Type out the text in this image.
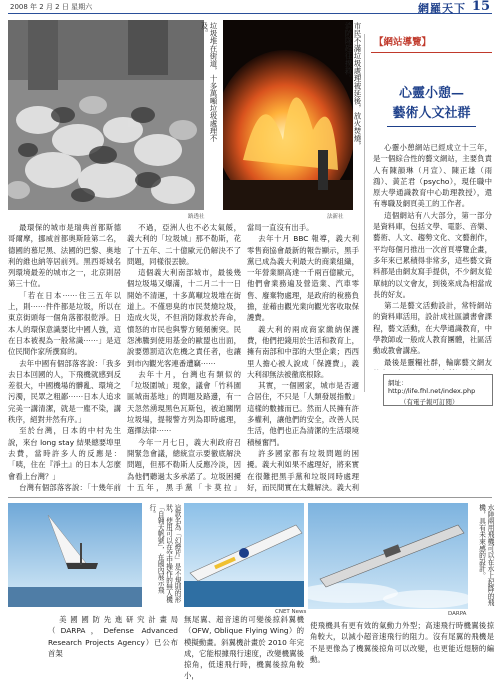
2008 年 2 月 2 日 星期六	網羅天下 15
垃圾堆在街道，十多萬噸垃圾處理不及。
路透社
市民不滿垃圾處理被延後，放火焚燒，消防隊趕往撲救。
法新社

最環保的城市是瑞典首都斯德哥爾摩，挪威首都奧斯陸第二名，德國的慕尼黑、法國的巴黎、奧地利的維也納等居前列。黑西哥城名列環境最差的城市之一，北京則居第三十位。

「若在日本⋯⋯住三五年以上，則⋯⋯件件都是垃圾，所以在東京街頭每一個角落都很乾淨。日本人的環保意識要比中國人強，這在日本被視為一般常識⋯⋯」是這位民間作家所撰寫的。

去年中國有個部落客說：「我多去日本回國的人，下飛機就感到反差很大，中國機場的髒亂、環境之污濁，民眾之粗鄙⋯⋯日本人追求完美一講清潔，就是一塵不染，講秩序，絕對井然有序。」

至於台灣，日本的中村先生說，來台 long stay 結果總要埠里去費，當時許多人的反應是：「咦，住在『淨土』的日本人怎麼會看上台灣？」

台灣有個部落客說：「十幾年前

不過，亞洲人也不必太氣餒，義大利的「垃圾城」那不勒斯，花了十五年、二十億歐元仍解決不了問題，同樣很丟臉。

這個義大利南部城市，最後幾個垃圾場又爆滿，十二月二十一日開始不清運，十多萬噸垃圾堆在街道上。不僅惡臭的市民焚燒垃圾，造成火災，不但消防隊救於奔命，憤怒的市民也與警方頻頻衝突。民怨沸騰到使用基金的歐盟也出面，說要懲罰這次危機之責任者，也讓到市內觀光客連番遭竊⋯⋯

去年十月，台灣也有類似的「垃圾圍城」現象，議會「竹科園區城南基地」的問題及路邊，有一天忽然湧現黑色瓦斯包，被迫關閉垃圾場，提報警方列為即時處理，選擇法律⋯⋯

今年一月七日，義大利政府召開緊急會議，總統宣示要徹底解決問題，但那不勒斯人反應冷淡，因為他們聽過太多承諾了。垃圾困擾十五年，黑手黨「卡莫拉」

當局一直沒有出手。

去年十月 BBC 報導，義大利零售商協會最新的報告顯示，黑手黨已成為義大利最大的商業組織，一年營業額高達一千兩百億歐元，他們會業務遍及營造業、汽車零售、廢棄物處理，是政府的稅務負擔，並藉由觀光業向觀光客收取保護費。

義大利的兩成商家繳納保護費，他們把錢用於生活和教育上，擁有南部和中部的大型企業；西西里人擔心被人說成「保護費」，義大利卻無法被徹底根除。

其實，一個國家，城市是否適合居住，不只是「人類發展指數」這樣的數據而已。然而人民擁有許多權利，讓他們的安全，改善人民生活，他們也正為清潔的生活環境積極奮鬥。

許多國家都有垃圾問題的困擾。義大利如果不處理好，將來實在很難把黑手黨和垃圾同時處理好，而民間實在太難解決。義大利

【網站導覽】
心靈小憩—
藝術人文社群

心靈小憩網站已經成立十三年，是一個綜合性的藝文網站，主要負責人有陳韻琳（月宣）、陳正雄（雨鴻）、黃芷君（psycho），現任職中原大學通識教育中心助理教授），還有專職及網頁美工的工作者。

這個網站有八大部分，第一部分是資料庫，包括文學、電影、音樂、藝術、人文、趨勢文化、文藝創作，平均每個月推出一次首頁導覽企畫，多年來已累積得非常多，這些藝文資料都是由網友寫手提供，不少網友從單純的以文會友，到後來成為相當成長的好友。

第二是藝文活動設計，常特網站的資料庫活用，設計成社區讀書會課程，藝文活動，在大學通識教育，中學教師或一般成人教育團體，社區活動或教會講座。

最後是靈糧社群，輪廓藝文網友

網址：http://life.fhl.net/index.php
（有電子報可訂閱）
這款名為「幻燈片」是不規則的形狀，使用可以在空中操作的無人機「自翱天帆號」，在國內展示飛行。
CNET News	DARPA
水陸兩用飛機可以在水上起降的飛機，具有未來感的設計。

美國國防先進研究計畫局（DARPA，Defense Advanced Research Projects Agency）已公布首架

無尾翼、超音速的可變後掠斜翼機（OFW, Oblique Flying Wing）的模擬動畫。斜翼機計畫於 2010 年完成，它能根據飛行速度，改變機翼後掠角，低速飛行時，機翼後掠角較小，

使飛機具有更有效的氣動力外型；高速飛行時機翼後掠角較大，以減小超音速飛行的阻力。沒有尾翼的飛機是不是更像為了機翼後掠角可以改變，也更能近翅膀的編動。
